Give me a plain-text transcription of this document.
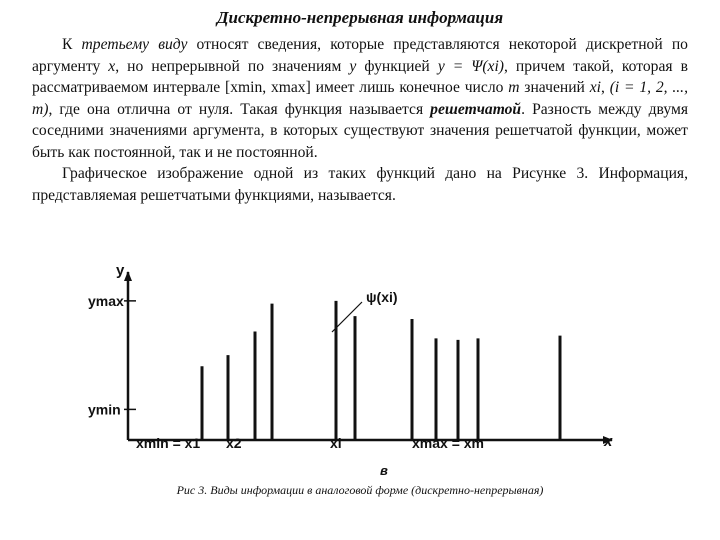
Дискретно-непрерывная информация

К третьему виду относят сведения, которые представляются некоторой дискретной по аргументу x, но непрерывной по значениям y функцией y = Ψ(xi), причем такой, которая в рассматриваемом интервале [xmin, xmax] имеет лишь конечное число m значений xi, (i = 1, 2, ..., m), где она отлична от нуля. Такая функция называется решетчатой. Разность между двумя соседними значениями аргумента, в которых существуют значения решетчатой функции, может быть как постоянной, так и не постоянной.

Графическое изображение одной из таких функций дано на Рисунке 3. Информация, представляемая решетчатыми функциями, называется.

y
x
ymax
ymin
ψ(xi)
xmin = x1 x2	xi	xmax = xm
в
Рис 3. Виды информации в аналоговой форме (дискретно-непрерывная)
